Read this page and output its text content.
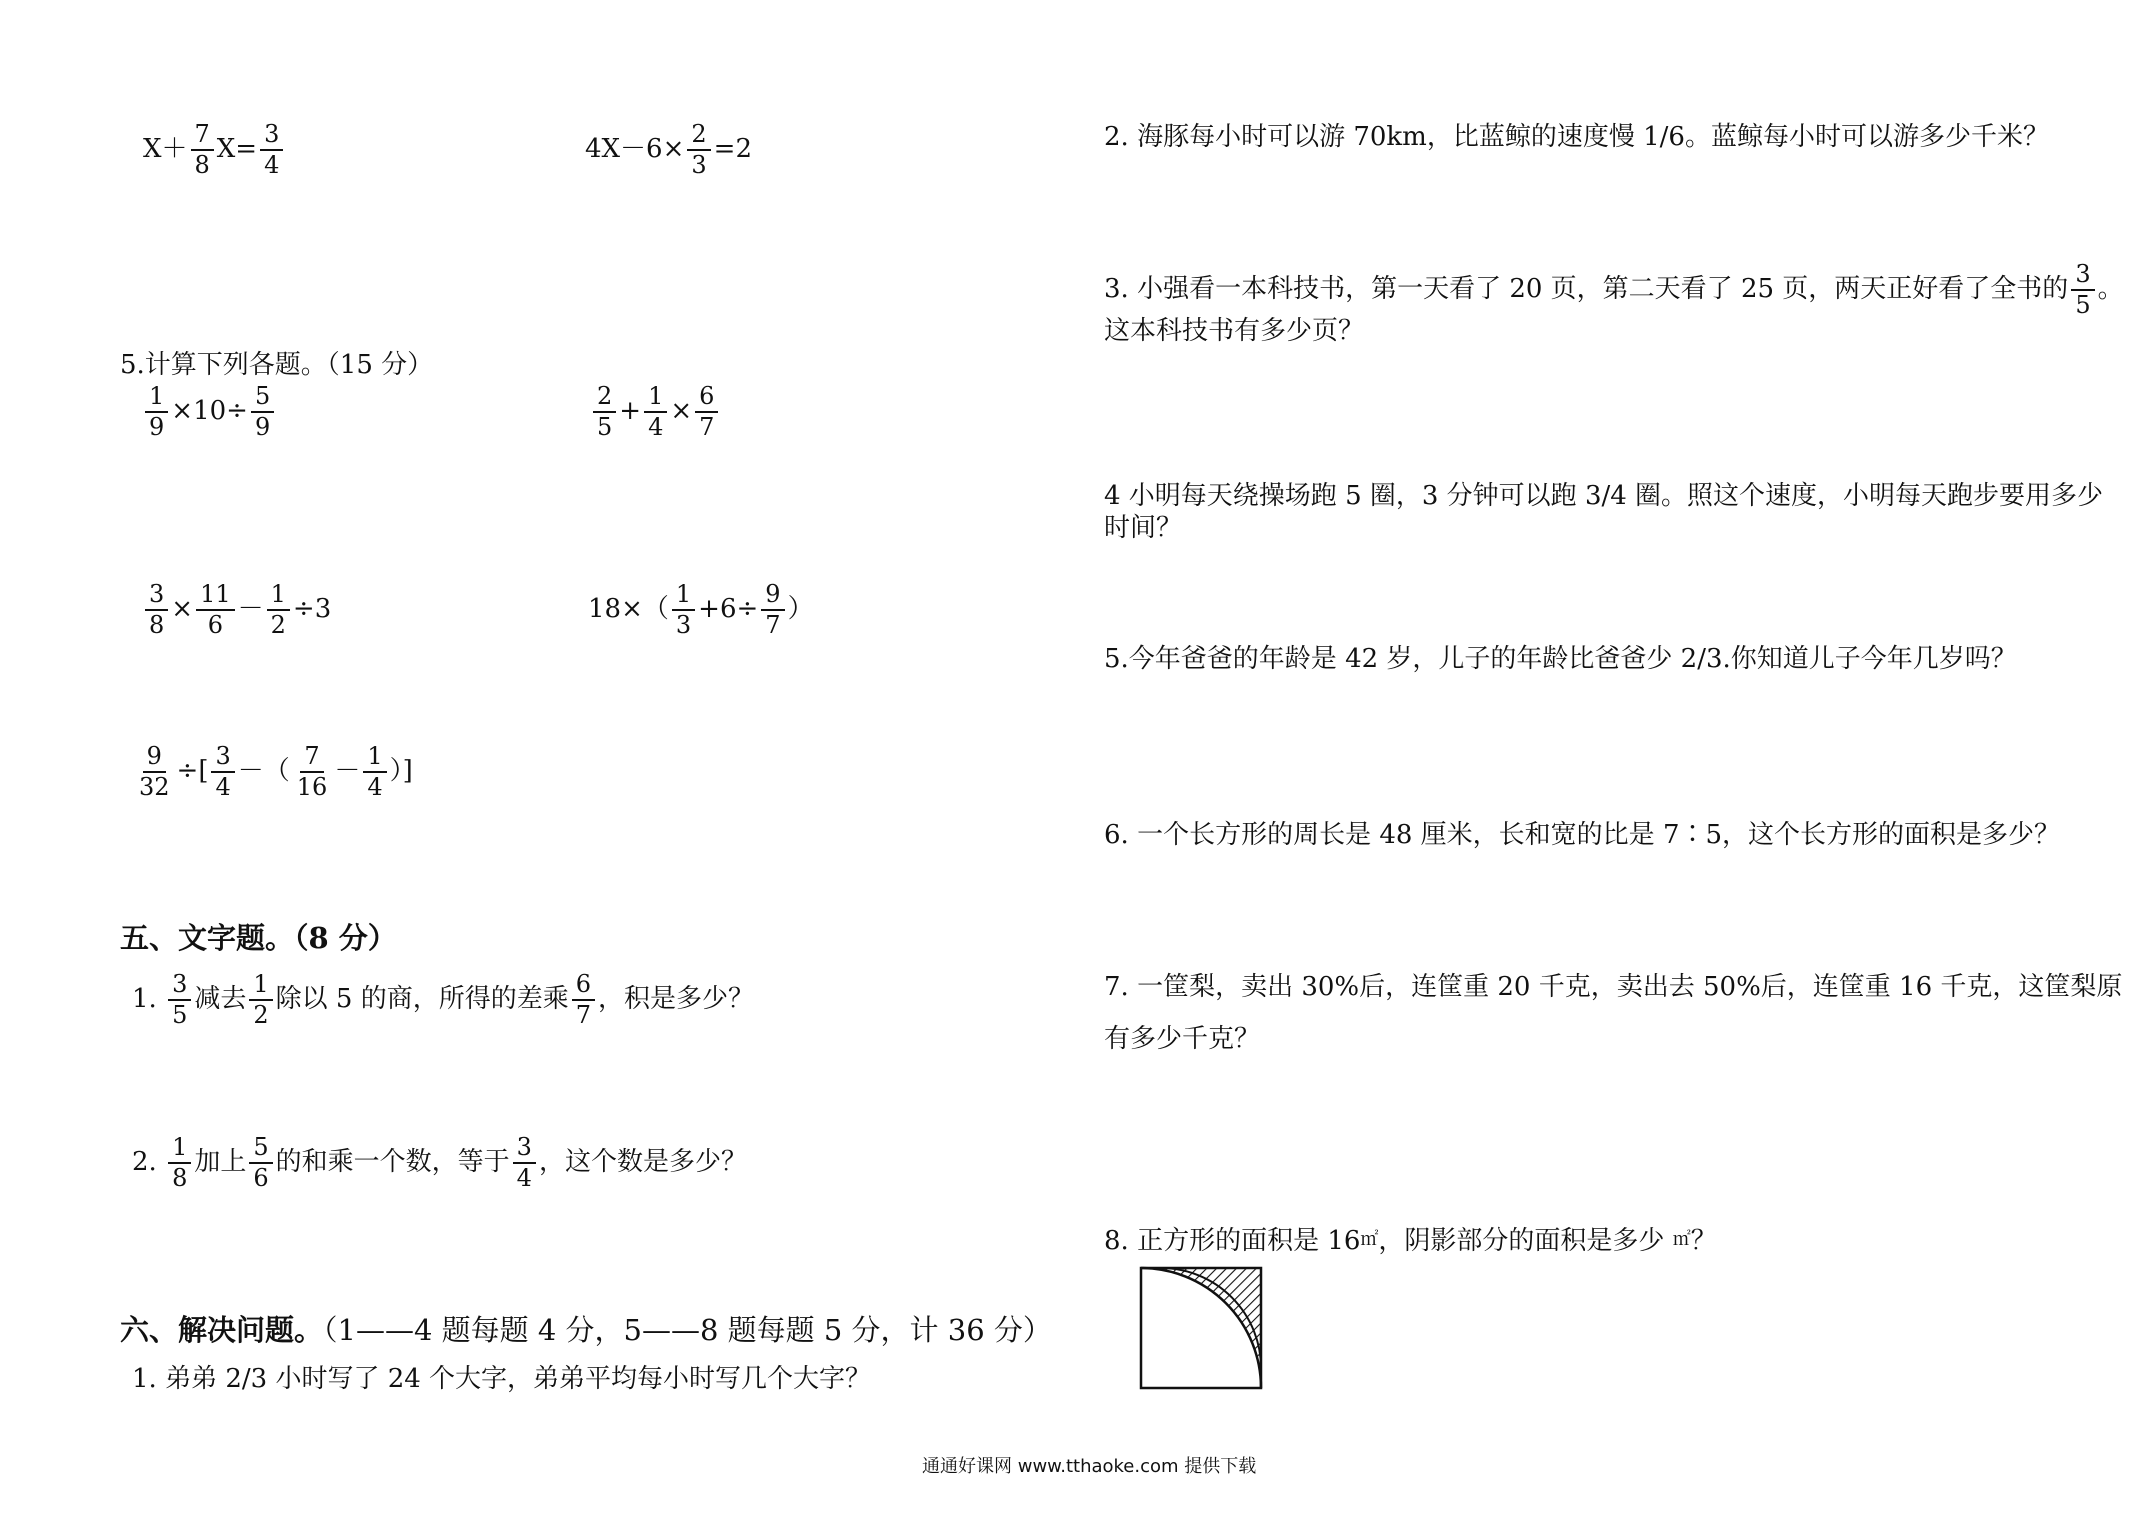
$X+ \frac{7}{8} X= \frac{3}{4}$	$4X-6\times \frac{2}{3} =2$
5.计算下列各题。（15 分）
$\frac{1}{9} \times 10\div \frac{5}{9}$	$\frac{2}{5} + \frac{1}{4} \times \frac{6}{7}$
$\frac{3}{8} \times \frac{11}{6} - \frac{1}{2} \div 3$	$18\times( \frac{1}{3} +6\div \frac{9}{7}$ ）
$\frac{9}{32}$ ÷[ $\frac{3}{4}$ －（ $\frac{7}{16} - \frac{1}{4}$ ）]
五、文字题。（8 分）
1. $\frac{3}{5}$ 减去 $\frac{1}{2}$ 除以 5 的商，所得的差乘 $\frac{6}{7}$ ，积是多少？
2. $\frac{1}{8}$ 加上 $\frac{5}{6}$ 的和乘一个数，等于 $\frac{3}{4}$ ，这个数是多少？
六、解决问题。（1——4 题每题 4 分，5——8 题每题 5 分，计 36 分）
1. 弟弟 2/3 小时写了 24 个大字，弟弟平均每小时写几个大字？
2. 海豚每小时可以游 70km，比蓝鲸的速度慢 1/6。蓝鲸每小时可以游多少千米？
3. 小强看一本科技书，第一天看了 20 页，第二天看了 25 页，两天正好看了全书的 $\frac{3}{5}$ 。
这本科技书有多少页？
4 小明每天绕操场跑 5 圈，3 分钟可以跑 3/4 圈。照这个速度，小明每天跑步要用多少
时间？
5.今年爸爸的年龄是 42 岁，儿子的年龄比爸爸少 2/3.你知道儿子今年几岁吗？
6. 一个长方形的周长是 48 厘米，长和宽的比是 7∶5，这个长方形的面积是多少？
7. 一筐梨，卖出 30%后，连筐重 20 千克，卖出去 50%后，连筐重 16 千克，这筐梨原
有多少千克？
8. 正方形的面积是 16㎡，阴影部分的面积是多少 ㎡？
通通好课网 www.tthaoke.com 提供下载
